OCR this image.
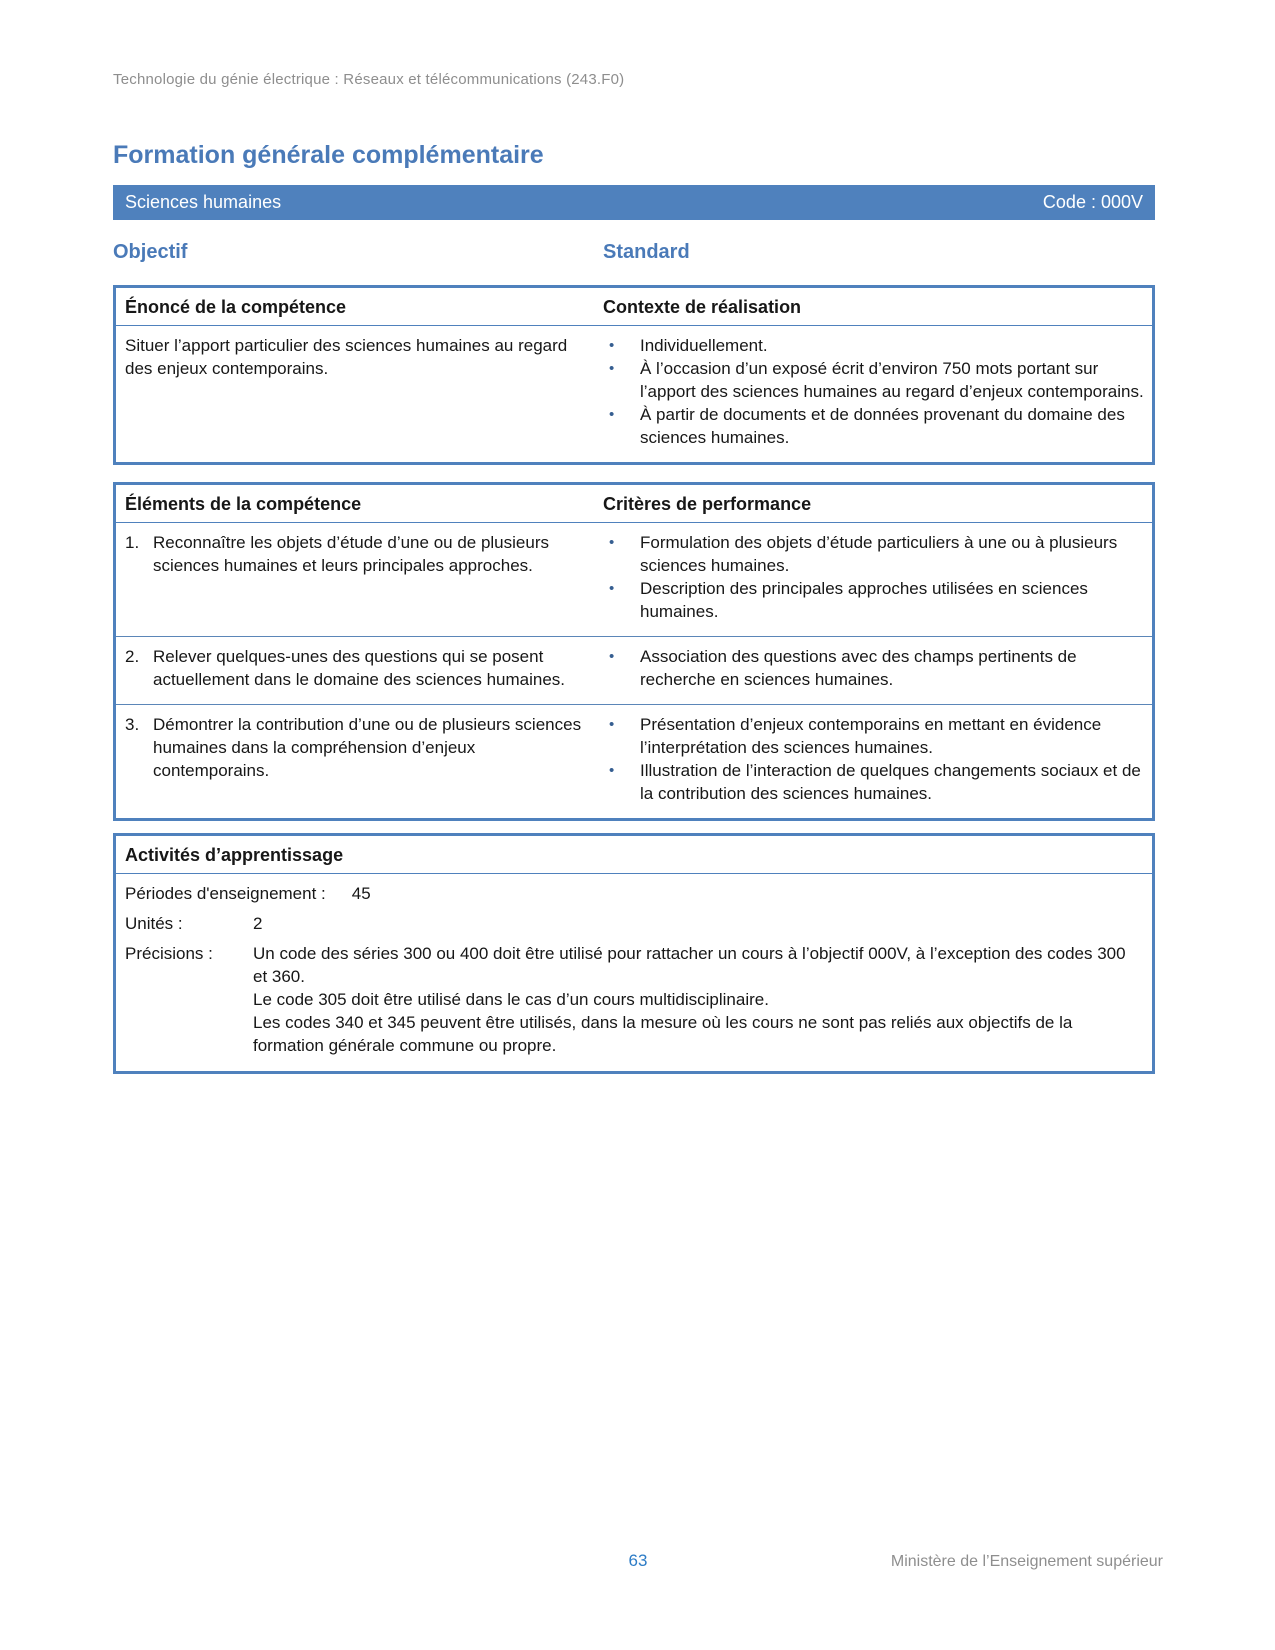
Technologie du génie électrique : Réseaux et télécommunications (243.F0)
Formation générale complémentaire
Sciences humaines	Code : 000V
Objectif	Standard
Énoncé de la compétence	Contexte de réalisation
Situer l’apport particulier des sciences humaines au regard des enjeux contemporains.
•	Individuellement.
•	À l’occasion d’un exposé écrit d’environ 750 mots portant sur l’apport des sciences humaines au regard d’enjeux contemporains.
•	À partir de documents et de données provenant du domaine des sciences humaines.
Éléments de la compétence	Critères de performance
1. Reconnaître les objets d’étude d’une ou de plusieurs sciences humaines et leurs principales approches.
•	Formulation des objets d’étude particuliers à une ou à plusieurs sciences humaines.
•	Description des principales approches utilisées en sciences humaines.
2. Relever quelques-unes des questions qui se posent actuellement dans le domaine des sciences humaines.
•	Association des questions avec des champs pertinents de recherche en sciences humaines.
3. Démontrer la contribution d’une ou de plusieurs sciences humaines dans la compréhension d’enjeux contemporains.
•	Présentation d’enjeux contemporains en mettant en évidence l’interprétation des sciences humaines.
•	Illustration de l’interaction de quelques changements sociaux et de la contribution des sciences humaines.
Activités d’apprentissage
Périodes d'enseignement : 45
Unités :	2
Précisions :	Un code des séries 300 ou 400 doit être utilisé pour rattacher un cours à l’objectif 000V, à l’exception des codes 300 et 360.

Le code 305 doit être utilisé dans le cas d’un cours multidisciplinaire.

Les codes 340 et 345 peuvent être utilisés, dans la mesure où les cours ne sont pas reliés aux objectifs de la formation générale commune ou propre.

63	Ministère de l’Enseignement supérieur
